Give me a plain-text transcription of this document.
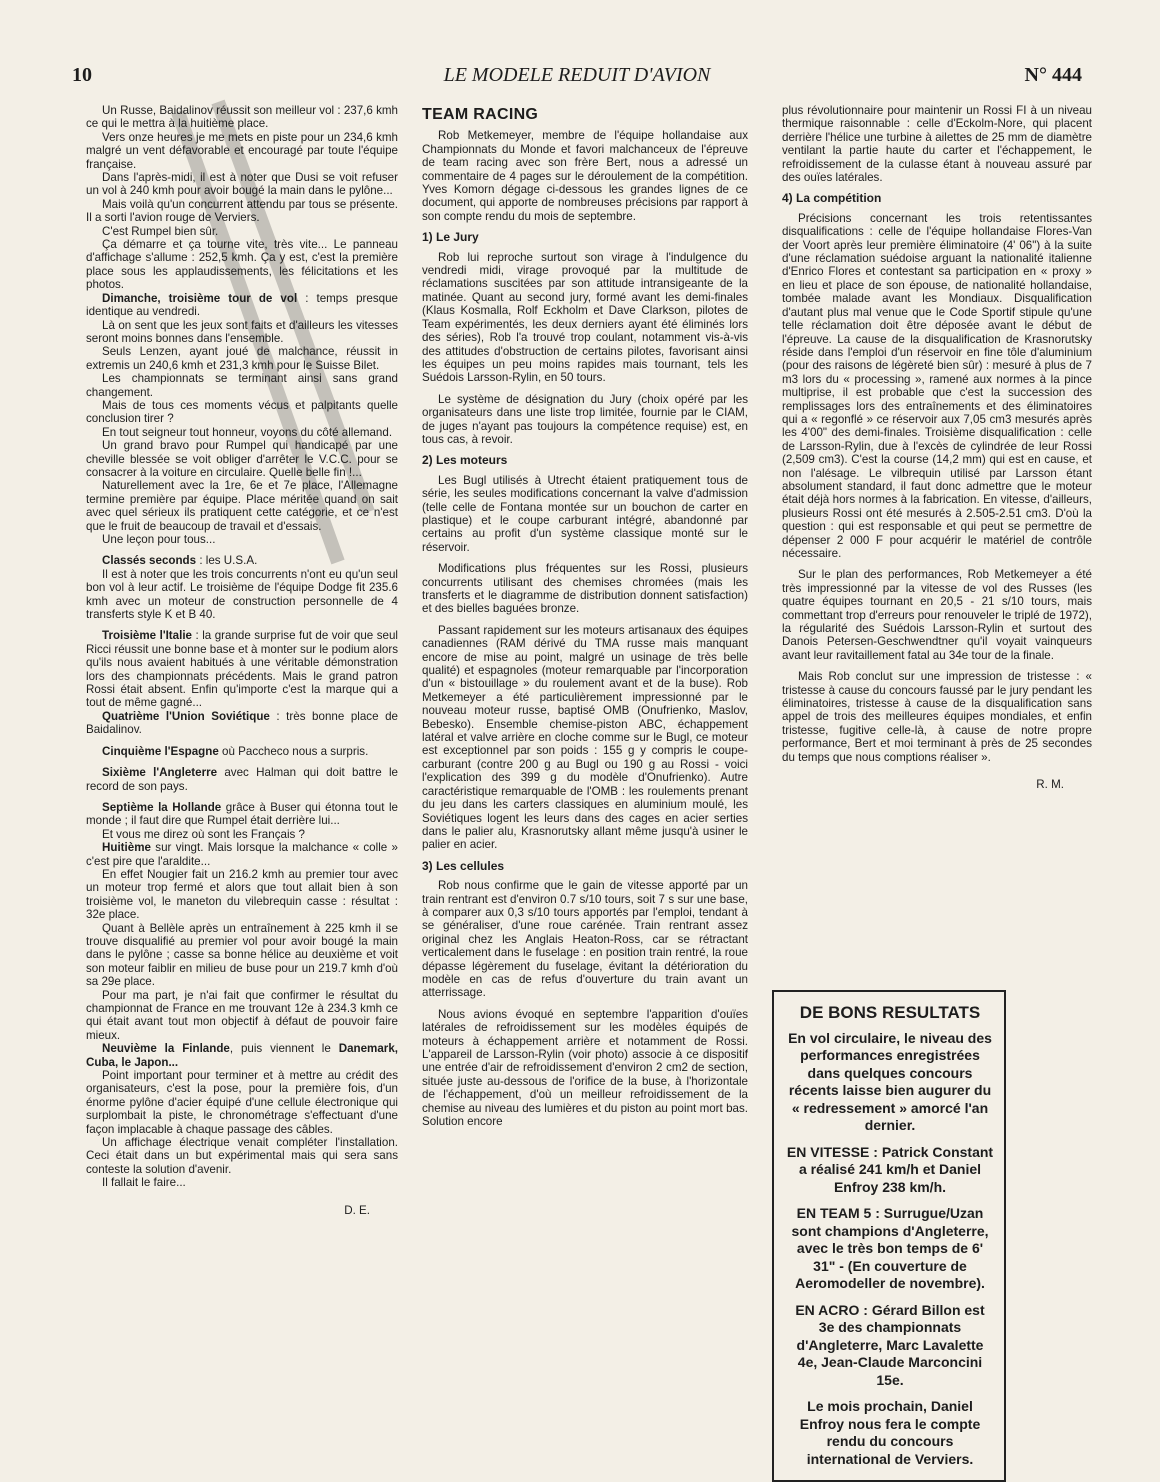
10	LE MODELE REDUIT D'AVION	N° 444

Un Russe, Baidalinov réussit son meilleur vol : 237,6 kmh ce qui le mettra à la huitième place.

Vers onze heures je me mets en piste pour un 234,6 kmh malgré un vent défavorable et encouragé par toute l'équipe française.

Dans l'après-midi, il est à noter que Dusi se voit refuser un vol à 240 kmh pour avoir bougé la main dans le pylône...

Mais voilà qu'un concurrent attendu par tous se présente. Il a sorti l'avion rouge de Verviers.

C'est Rumpel bien sûr.

Ça démarre et ça tourne vite, très vite... Le panneau d'affichage s'allume : 252,5 kmh. Ça y est, c'est la première place sous les applaudissements, les félicitations et les photos.

Dimanche, troisième tour de vol : temps presque identique au vendredi.

Là on sent que les jeux sont faits et d'ailleurs les vitesses seront moins bonnes dans l'ensemble.

Seuls Lenzen, ayant joué de malchance, réussit in extremis un 240,6 kmh et 231,3 kmh pour le Suisse Bilet.

Les championnats se terminant ainsi sans grand changement.

Mais de tous ces moments vécus et palpitants quelle conclusion tirer ?

En tout seigneur tout honneur, voyons du côté allemand.

Un grand bravo pour Rumpel qui handicapé par une cheville blessée se voit obliger d'arrêter le V.C.C. pour se consacrer à la voiture en circulaire. Quelle belle fin !...

Naturellement avec la 1re, 6e et 7e place, l'Allemagne termine première par équipe. Place méritée quand on sait avec quel sérieux ils pratiquent cette catégorie, et ce n'est que le fruit de beaucoup de travail et d'essais.

Une leçon pour tous...

Classés seconds : les U.S.A.

Il est à noter que les trois concurrents n'ont eu qu'un seul bon vol à leur actif. Le troisième de l'équipe Dodge fit 235.6 kmh avec un moteur de construction personnelle de 4 transferts style K et B 40.

Troisième l'Italie : la grande surprise fut de voir que seul Ricci réussit une bonne base et à monter sur le podium alors qu'ils nous avaient habitués à une véritable démonstration lors des championnats précédents. Mais le grand patron Rossi était absent. Enfin qu'importe c'est la marque qui a tout de même gagné...

Quatrième l'Union Soviétique : très bonne place de Baidalinov.

Cinquième l'Espagne où Paccheco nous a surpris.

Sixième l'Angleterre avec Halman qui doit battre le record de son pays.

Septième la Hollande grâce à Buser qui étonna tout le monde ; il faut dire que Rumpel était derrière lui...

Et vous me direz où sont les Français ?

Huitième sur vingt. Mais lorsque la malchance « colle » c'est pire que l'araldite...

En effet Nougier fait un 216.2 kmh au premier tour avec un moteur trop fermé et alors que tout allait bien à son troisième vol, le maneton du vilebrequin casse : résultat : 32e place.

Quant à Bellèle après un entraînement à 225 kmh il se trouve disqualifié au premier vol pour avoir bougé la main dans le pylône ; casse sa bonne hélice au deuxième et voit son moteur faiblir en milieu de buse pour un 219.7 kmh d'où sa 29e place.

Pour ma part, je n'ai fait que confirmer le résultat du championnat de France en me trouvant 12e à 234.3 kmh ce qui était avant tout mon objectif à défaut de pouvoir faire mieux.

Neuvième la Finlande, puis viennent le Danemark, Cuba, le Japon...

Point important pour terminer et à mettre au crédit des organisateurs, c'est la pose, pour la première fois, d'un énorme pylône d'acier équipé d'une cellule électronique qui surplombait la piste, le chronométrage s'effectuant d'une façon implacable à chaque passage des câbles.

Un affichage électrique venait compléter l'installation. Ceci était dans un but expérimental mais qui sera sans conteste la solution d'avenir.

Il fallait le faire...

D. E.
TEAM RACING

Rob Metkemeyer, membre de l'équipe hollandaise aux Championnats du Monde et favori malchanceux de l'épreuve de team racing avec son frère Bert, nous a adressé un commentaire de 4 pages sur le déroulement de la compétition. Yves Komorn dégage ci-dessous les grandes lignes de ce document, qui apporte de nombreuses précisions par rapport à son compte rendu du mois de septembre.

1) Le Jury

Rob lui reproche surtout son virage à l'indulgence du vendredi midi, virage provoqué par la multitude de réclamations suscitées par son attitude intransigeante de la matinée. Quant au second jury, formé avant les demi-finales (Klaus Kosmalla, Rolf Eckholm et Dave Clarkson, pilotes de Team expérimentés, les deux derniers ayant été éliminés lors des séries), Rob l'a trouvé trop coulant, notamment vis-à-vis des attitudes d'obstruction de certains pilotes, favorisant ainsi les équipes un peu moins rapides mais tournant, tels les Suédois Larsson-Rylin, en 50 tours.

Le système de désignation du Jury (choix opéré par les organisateurs dans une liste trop limitée, fournie par le CIAM, de juges n'ayant pas toujours la compétence requise) est, en tous cas, à revoir.

2) Les moteurs

Les Bugl utilisés à Utrecht étaient pratiquement tous de série, les seules modifications concernant la valve d'admission (telle celle de Fontana montée sur un bouchon de carter en plastique) et le coupe carburant intégré, abandonné par certains au profit d'un système classique monté sur le réservoir.

Modifications plus fréquentes sur les Rossi, plusieurs concurrents utilisant des chemises chromées (mais les transferts et le diagramme de distribution donnent satisfaction) et des bielles baguées bronze.

Passant rapidement sur les moteurs artisanaux des équipes canadiennes (RAM dérivé du TMA russe mais manquant encore de mise au point, malgré un usinage de très belle qualité) et espagnoles (moteur remarquable par l'incorporation d'un « bistouillage » du roulement avant et de la buse). Rob Metkemeyer a été particulièrement impressionné par le nouveau moteur russe, baptisé OMB (Onufrienko, Maslov, Bebesko). Ensemble chemise-piston ABC, échappement latéral et valve arrière en cloche comme sur le Bugl, ce moteur est exceptionnel par son poids : 155 g y compris le coupe-carburant (contre 200 g au Bugl ou 190 g au Rossi - voici l'explication des 399 g du modèle d'Onufrienko). Autre caractéristique remarquable de l'OMB : les roulements prenant du jeu dans les carters classiques en aluminium moulé, les Soviétiques logent les leurs dans des cages en acier serties dans le palier alu, Krasnorutsky allant même jusqu'à usiner le palier en acier.

3) Les cellules

Rob nous confirme que le gain de vitesse apporté par un train rentrant est d'environ 0.7 s/10 tours, soit 7 s sur une base, à comparer aux 0,3 s/10 tours apportés par l'emploi, tendant à se généraliser, d'une roue carénée. Train rentrant assez original chez les Anglais Heaton-Ross, car se rétractant verticalement dans le fuselage : en position train rentré, la roue dépasse légèrement du fuselage, évitant la détérioration du modèle en cas de refus d'ouverture du train avant un atterrissage.

Nous avions évoqué en septembre l'apparition d'ouïes latérales de refroidissement sur les modèles équipés de moteurs à échappement arrière et notamment de Rossi. L'appareil de Larsson-Rylin (voir photo) associe à ce dispositif une entrée d'air de refroidissement d'environ 2 cm2 de section, située juste au-dessous de l'orifice de la buse, à l'horizontale de l'échappement, d'où un meilleur refroidissement de la chemise au niveau des lumières et du piston au point mort bas. Solution encore

plus révolutionnaire pour maintenir un Rossi FI à un niveau thermique raisonnable : celle d'Eckolm-Nore, qui placent derrière l'hélice une turbine à ailettes de 25 mm de diamètre ventilant la partie haute du carter et l'échappement, le refroidissement de la culasse étant à nouveau assuré par des ouïes latérales.

4) La compétition

Précisions concernant les trois retentissantes disqualifications : celle de l'équipe hollandaise Flores-Van der Voort après leur première éliminatoire (4' 06") à la suite d'une réclamation suédoise arguant la nationalité italienne d'Enrico Flores et contestant sa participation en « proxy » en lieu et place de son épouse, de nationalité hollandaise, tombée malade avant les Mondiaux. Disqualification d'autant plus mal venue que le Code Sportif stipule qu'une telle réclamation doit être déposée avant le début de l'épreuve. La cause de la disqualification de Krasnorutsky réside dans l'emploi d'un réservoir en fine tôle d'aluminium (pour des raisons de légèreté bien sûr) : mesuré à plus de 7 m3 lors du « processing », ramené aux normes à la pince multiprise, il est probable que c'est la succession des remplissages lors des entraînements et des éliminatoires qui a « regonflé » ce réservoir aux 7,05 cm3 mesurés après les 4'00" des demi-finales. Troisième disqualification : celle de Larsson-Rylin, due à l'excès de cylindrée de leur Rossi (2,509 cm3). C'est la course (14,2 mm) qui est en cause, et non l'alésage. Le vilbrequin utilisé par Larsson étant absolument standard, il faut donc admettre que le moteur était déjà hors normes à la fabrication. En vitesse, d'ailleurs, plusieurs Rossi ont été mesurés à 2.505-2.51 cm3. D'où la question : qui est responsable et qui peut se permettre de dépenser 2 000 F pour acquérir le matériel de contrôle nécessaire.

Sur le plan des performances, Rob Metkemeyer a été très impressionné par la vitesse de vol des Russes (les quatre équipes tournant en 20,5 - 21 s/10 tours, mais commettant trop d'erreurs pour renouveler le triplé de 1972), la régularité des Suédois Larsson-Rylin et surtout des Danois Petersen-Geschwendtner qu'il voyait vainqueurs avant leur ravitaillement fatal au 34e tour de la finale.

Mais Rob conclut sur une impression de tristesse : « tristesse à cause du concours faussé par le jury pendant les éliminatoires, tristesse à cause de la disqualification sans appel de trois des meilleures équipes mondiales, et enfin tristesse, fugitive celle-là, à cause de notre propre performance, Bert et moi terminant à près de 25 secondes du temps que nous comptions réaliser ».

R. M.
DE BONS RESULTATS

En vol circulaire, le niveau des performances enregistrées dans quelques concours récents laisse bien augurer du « redressement » amorcé l'an dernier.

EN VITESSE : Patrick Constant a réalisé 241 km/h et Daniel Enfroy 238 km/h.

EN TEAM 5 : Surrugue/Uzan sont champions d'Angleterre, avec le très bon temps de 6' 31" - (En couverture de Aeromodeller de novembre).

EN ACRO : Gérard Billon est 3e des championnats d'Angleterre, Marc Lavalette 4e, Jean-Claude Marconcini 15e.

Le mois prochain, Daniel Enfroy nous fera le compte rendu du concours international de Verviers.
